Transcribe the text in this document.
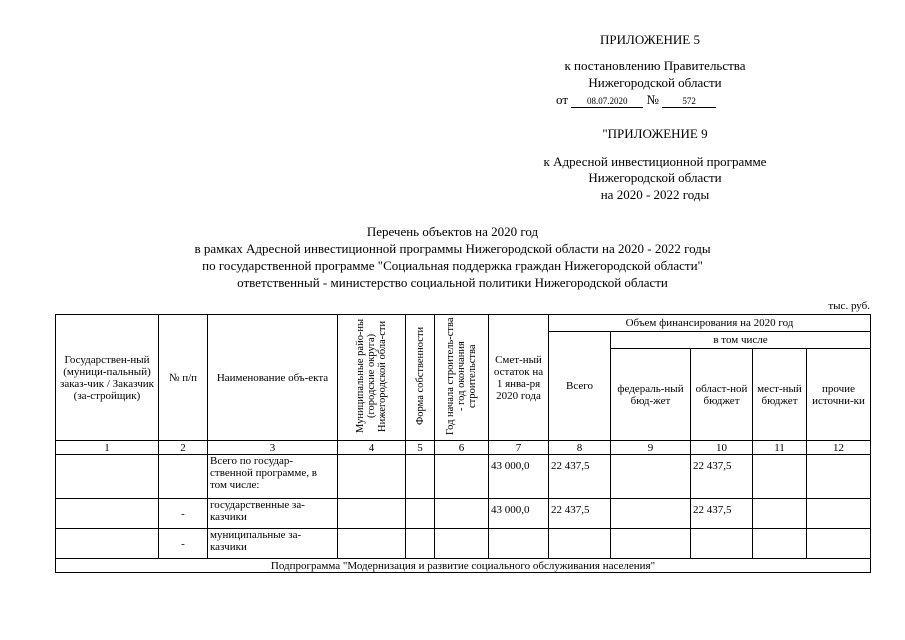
ПРИЛОЖЕНИЕ 5
к постановлению Правительства
Нижегородской области
от 08.07.2020 №	572
"ПРИЛОЖЕНИЕ 9
к Адресной инвестиционной программе
Нижегородской области
на 2020 - 2022 годы
Перечень объектов на 2020 год
в рамках Адресной инвестиционной программы Нижегородской области на 2020 - 2022 годы
по государственной программе "Социальная поддержка граждан Нижегородской области"
ответственный - министерство социальной политики Нижегородской области
тыс. руб.
Государствен-ный (муници-пальный) заказ-чик / Заказчик (за-стройщик)	№ п/п	Наименование объ-екта	Муниципальные райо-ны (городские округа) Нижегородской обла-сти	Форма собственности	Год начала строитель-ства - год окончания строительства	Смет-ный остаток на 1 янва-ря 2020 года	Объем финансирования на 2020 год				
							Всего	в том числе			
								федераль-ный бюд-жет	област-ной бюджет	мест-ный бюджет	прочие источни-ки
1	2	3	4	5	6	7	8	9	10	11	12
		Всего по государ-ственной программе, в том числе:				43 000,0	22 437,5		22 437,5		
	-	государственные за-казчики				43 000,0	22 437,5		22 437,5		
	-	муниципальные за-казчики									
Подпрограмма "Модернизация и развитие социального обслуживания населения"											
